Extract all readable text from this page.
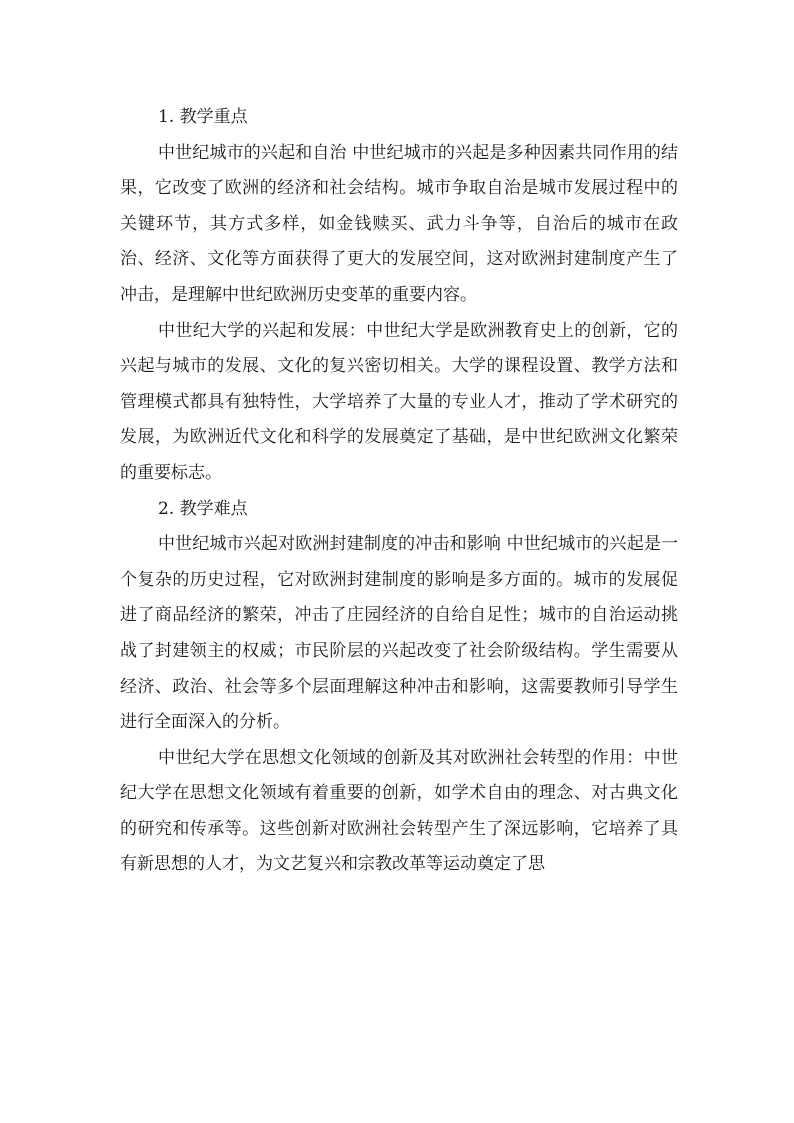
1. 教学重点

中世纪城市的兴起和自治 中世纪城市的兴起是多种因素共同作用的结果，它改变了欧洲的经济和社会结构。城市争取自治是城市发展过程中的关键环节，其方式多样，如金钱赎买、武力斗争等，自治后的城市在政治、经济、文化等方面获得了更大的发展空间，这对欧洲封建制度产生了冲击，是理解中世纪欧洲历史变革的重要内容。

中世纪大学的兴起和发展：中世纪大学是欧洲教育史上的创新，它的兴起与城市的发展、文化的复兴密切相关。大学的课程设置、教学方法和管理模式都具有独特性，大学培养了大量的专业人才，推动了学术研究的发展，为欧洲近代文化和科学的发展奠定了基础，是中世纪欧洲文化繁荣的重要标志。

2. 教学难点

中世纪城市兴起对欧洲封建制度的冲击和影响 中世纪城市的兴起是一个复杂的历史过程，它对欧洲封建制度的影响是多方面的。城市的发展促进了商品经济的繁荣，冲击了庄园经济的自给自足性；城市的自治运动挑战了封建领主的权威；市民阶层的兴起改变了社会阶级结构。学生需要从经济、政治、社会等多个层面理解这种冲击和影响，这需要教师引导学生进行全面深入的分析。

中世纪大学在思想文化领域的创新及其对欧洲社会转型的作用：中世纪大学在思想文化领域有着重要的创新，如学术自由的理念、对古典文化的研究和传承等。这些创新对欧洲社会转型产生了深远影响，它培养了具有新思想的人才，为文艺复兴和宗教改革等运动奠定了思
